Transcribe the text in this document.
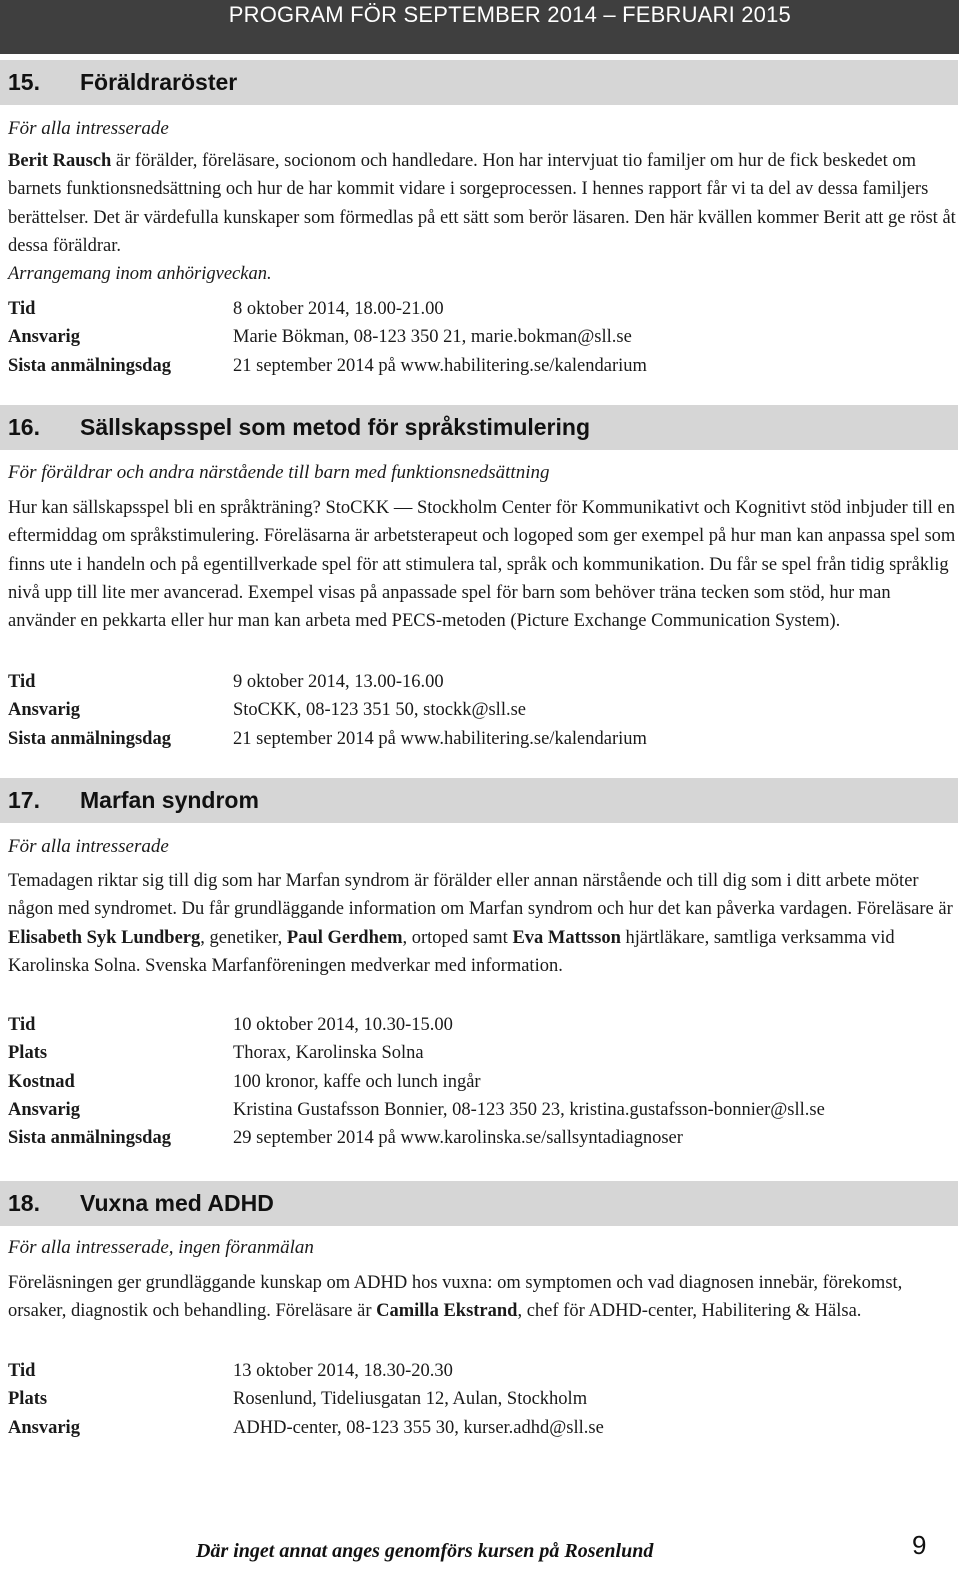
PROGRAM FÖR SEPTEMBER 2014 – FEBRUARI 2015
15. Föräldraröster
För alla intresserade

Berit Rausch är förälder, föreläsare, socionom och handledare. Hon har intervjuat tio familjer om hur de fick beskedet om barnets funktionsnedsättning och hur de har kommit vidare i sorgeprocessen. I hennes rapport får vi ta del av dessa familjers berättelser. Det är värdefulla kunskaper som förmedlas på ett sätt som berör läsaren. Den här kvällen kommer Berit att ge röst åt dessa föräldrar.
Arrangemang inom anhörigveckan.

Tid	8 oktober 2014, 18.00-21.00
Ansvarig	Marie Bökman, 08-123 350 21, marie.bokman@sll.se
Sista anmälningsdag	21 september 2014 på www.habilitering.se/kalendarium
16. Sällskapsspel som metod för språkstimulering
För föräldrar och andra närstående till barn med funktionsnedsättning

Hur kan sällskapsspel bli en språkträning? StoCKK — Stockholm Center för Kommunikativt och Kognitivt stöd inbjuder till en eftermiddag om språkstimulering. Föreläsarna är arbetsterapeut och logoped som ger exempel på hur man kan anpassa spel som finns ute i handeln och på egentillverkade spel för att stimulera tal, språk och kommunikation. Du får se spel från tidig språklig nivå upp till lite mer avancerad. Exempel visas på anpassade spel för barn som behöver träna tecken som stöd, hur man använder en pekkarta eller hur man kan arbeta med PECS-metoden (Picture Exchange Communication System).

Tid	9 oktober 2014, 13.00-16.00
Ansvarig	StoCKK, 08-123 351 50, stockk@sll.se
Sista anmälningsdag	21 september 2014 på www.habilitering.se/kalendarium
17. Marfan syndrom
För alla intresserade

Temadagen riktar sig till dig som har Marfan syndrom är förälder eller annan närstående och till dig som i ditt arbete möter någon med syndromet. Du får grundläggande information om Marfan syndrom och hur det kan påverka vardagen. Föreläsare är Elisabeth Syk Lundberg, genetiker, Paul Gerdhem, ortoped samt Eva Mattsson hjärtläkare, samtliga verksamma vid Karolinska Solna. Svenska Marfanföreningen medverkar med information.

Tid	10 oktober 2014, 10.30-15.00
Plats	Thorax, Karolinska Solna
Kostnad	100 kronor, kaffe och lunch ingår
Ansvarig	Kristina Gustafsson Bonnier, 08-123 350 23, kristina.gustafsson-bonnier@sll.se
Sista anmälningsdag	29 september 2014 på www.karolinska.se/sallsyntadiagnoser
18. Vuxna med ADHD
För alla intresserade, ingen föranmälan

Föreläsningen ger grundläggande kunskap om ADHD hos vuxna: om symptomen och vad diagnosen innebär, förekomst, orsaker, diagnostik och behandling. Föreläsare är Camilla Ekstrand, chef för ADHD-center, Habilitering & Hälsa.

Tid	13 oktober 2014, 18.30-20.30
Plats	Rosenlund, Tideliusgatan 12, Aulan, Stockholm
Ansvarig	ADHD-center, 08-123 355 30, kurser.adhd@sll.se
Där inget annat anges genomförs kursen på Rosenlund	9
